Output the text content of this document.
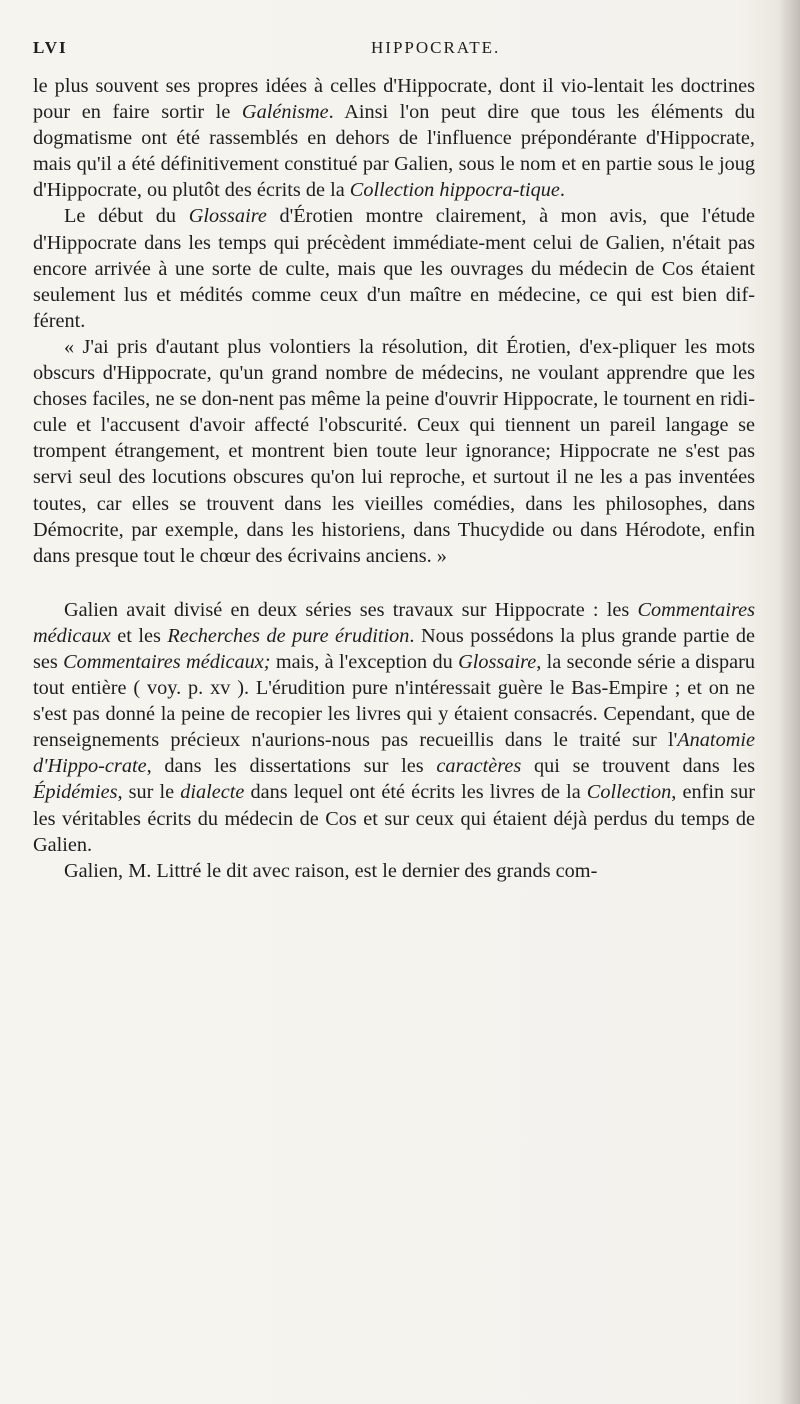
LVI	HIPPOCRATE.

le plus souvent ses propres idées à celles d'Hippocrate, dont il vio-lentait les doctrines pour en faire sortir le Galénisme. Ainsi l'on peut dire que tous les éléments du dogmatisme ont été rassemblés en dehors de l'influence prépondérante d'Hippocrate, mais qu'il a été définitivement constitué par Galien, sous le nom et en partie sous le joug d'Hippocrate, ou plutôt des écrits de la Collection hippocra-tique.

Le début du Glossaire d'Érotien montre clairement, à mon avis, que l'étude d'Hippocrate dans les temps qui précèdent immédiate-ment celui de Galien, n'était pas encore arrivée à une sorte de culte, mais que les ouvrages du médecin de Cos étaient seulement lus et médités comme ceux d'un maître en médecine, ce qui est bien dif-férent.

« J'ai pris d'autant plus volontiers la résolution, dit Érotien, d'ex-pliquer les mots obscurs d'Hippocrate, qu'un grand nombre de médecins, ne voulant apprendre que les choses faciles, ne se don-nent pas même la peine d'ouvrir Hippocrate, le tournent en ridi-cule et l'accusent d'avoir affecté l'obscurité. Ceux qui tiennent un pareil langage se trompent étrangement, et montrent bien toute leur ignorance; Hippocrate ne s'est pas servi seul des locutions obscures qu'on lui reproche, et surtout il ne les a pas inventées toutes, car elles se trouvent dans les vieilles comédies, dans les philosophes, dans Démocrite, par exemple, dans les historiens, dans Thucydide ou dans Hérodote, enfin dans presque tout le chœur des écrivains anciens. »

Galien avait divisé en deux séries ses travaux sur Hippocrate : les Commentaires médicaux et les Recherches de pure érudition. Nous possédons la plus grande partie de ses Commentaires médicaux; mais, à l'exception du Glossaire, la seconde série a disparu tout entière ( voy. p. xv ). L'érudition pure n'intéressait guère le Bas-Empire ; et on ne s'est pas donné la peine de recopier les livres qui y étaient consacrés. Cependant, que de renseignements précieux n'aurions-nous pas recueillis dans le traité sur l'Anatomie d'Hippo-crate, dans les dissertations sur les caractères qui se trouvent dans les Épidémies, sur le dialecte dans lequel ont été écrits les livres de la Collection, enfin sur les véritables écrits du médecin de Cos et sur ceux qui étaient déjà perdus du temps de Galien.

Galien, M. Littré le dit avec raison, est le dernier des grands com-
